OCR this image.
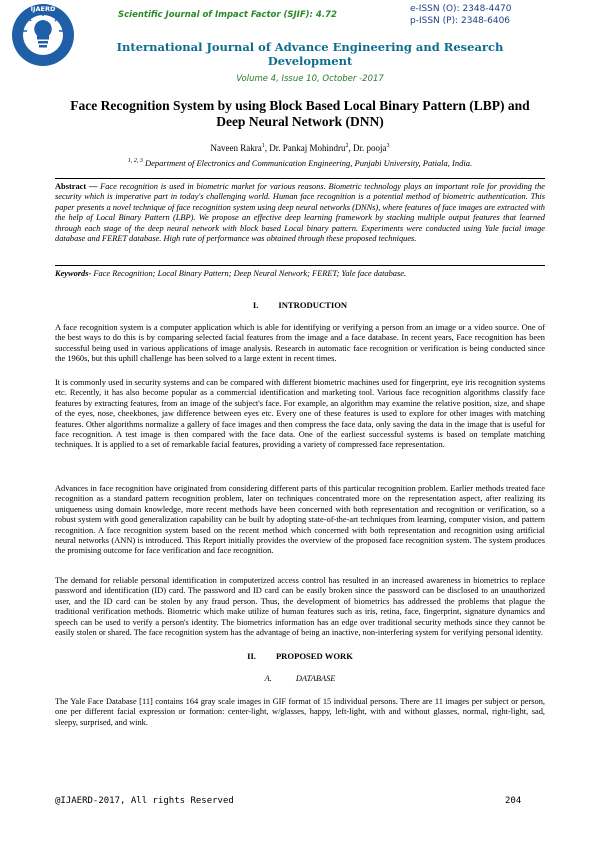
IJAERD
Scientific Journal of Impact Factor (SJIF): 4.72
e-ISSN (O): 2348-4470
p-ISSN (P): 2348-6406
International Journal of Advance Engineering and Research Development
Volume 4, Issue 10, October -2017
Face Recognition System by using Block Based Local Binary Pattern (LBP) and Deep Neural Network (DNN)
Naveen Rakra$^1$, Dr. Pankaj Mohindru$^2$, Dr. pooja$^3$
$^{1, 2, 3}$ Department of Electronics and Communication Engineering, Punjabi University, Patiala, India.
Abstract — Face recognition is used in biometric market for various reasons. Biometric technology plays an important role for providing the security which is imperative part in today's challenging world. Human face recognition is a potential method of biometric authentication. This paper presents a novel technique of face recognition system using deep neural networks (DNNs), where features of face images are extracted with the help of Local Binary Pattern (LBP). We propose an effective deep learning framework by stacking multiple output features that learned through each stage of the deep neural network with block based Local binary pattern. Experiments were conducted using Yale facial image database and FERET database. High rate of performance was obtained through these proposed techniques.
Keywords- Face Recognition; Local Binary Pattern; Deep Neural Network; FERET; Yale face database.
I. INTRODUCTION

A face recognition system is a computer application which is able for identifying or verifying a person from an image or a video source. One of the best ways to do this is by comparing selected facial features from the image and a face database. In recent years, Face recognition has been successful being used in various applications of image analysis. Research in automatic face recognition or verification is being conducted since the 1960s, but this uphill challenge has been solved to a large extent in recent times.

It is commonly used in security systems and can be compared with different biometric machines used for fingerprint, eye iris recognition systems etc. Recently, it has also become popular as a commercial identification and marketing tool. Various face recognition algorithms classify face features by extracting features, from an image of the subject's face. For example, an algorithm may examine the relative position, size, and shape of the eyes, nose, cheekbones, jaw difference between eyes etc. Every one of these features is used to explore for other images with matching features. Other algorithms normalize a gallery of face images and then compress the face data, only saving the data in the image that is useful for face recognition. A test image is then compared with the face data. One of the earliest successful systems is based on template matching techniques. It is applied to a set of remarkable facial features, providing a variety of compressed face representation.

Advances in face recognition have originated from considering different parts of this particular recognition problem. Earlier methods treated face recognition as a standard pattern recognition problem, later on techniques concentrated more on the representation aspect, after realizing its uniqueness using domain knowledge, more recent methods have been concerned with both representation and recognition or verification, so a robust system with good generalization capability can be built by adopting state-of-the-art techniques from learning, computer vision, and pattern recognition. A face recognition system based on the recent method which concerned with both representation and recognition using artificial neural networks (ANN) is introduced. This Report initially provides the overview of the proposed face recognition system. The system produces the promising outcome for face verification and face recognition.

The demand for reliable personal identification in computerized access control has resulted in an increased awareness in biometrics to replace password and identification (ID) card. The password and ID card can be easily broken since the password can be disclosed to an unauthorized user, and the ID card can be stolen by any fraud person. Thus, the development of biometrics has addressed the problems that plague the traditional verification methods. Biometric which make utilize of human features such as iris, retina, face, fingerprint, signature dynamics and speech can be used to verify a person's identity. The biometrics information has an edge over traditional security methods since they cannot be easily stolen or shared. The face recognition system has the advantage of being an inactive, non-interfering system for verifying personal identity.

II. PROPOSED WORK
A.	DATABASE

The Yale Face Database [11] contains 164 gray scale images in GIF format of 15 individual persons. There are 11 images per subject or person, one per different facial expression or formation: center-light, w/glasses, happy, left-light, with and without glasses, normal, right-light, sad, sleepy, surprised, and wink.

@IJAERD-2017, All rights Reserved	204
